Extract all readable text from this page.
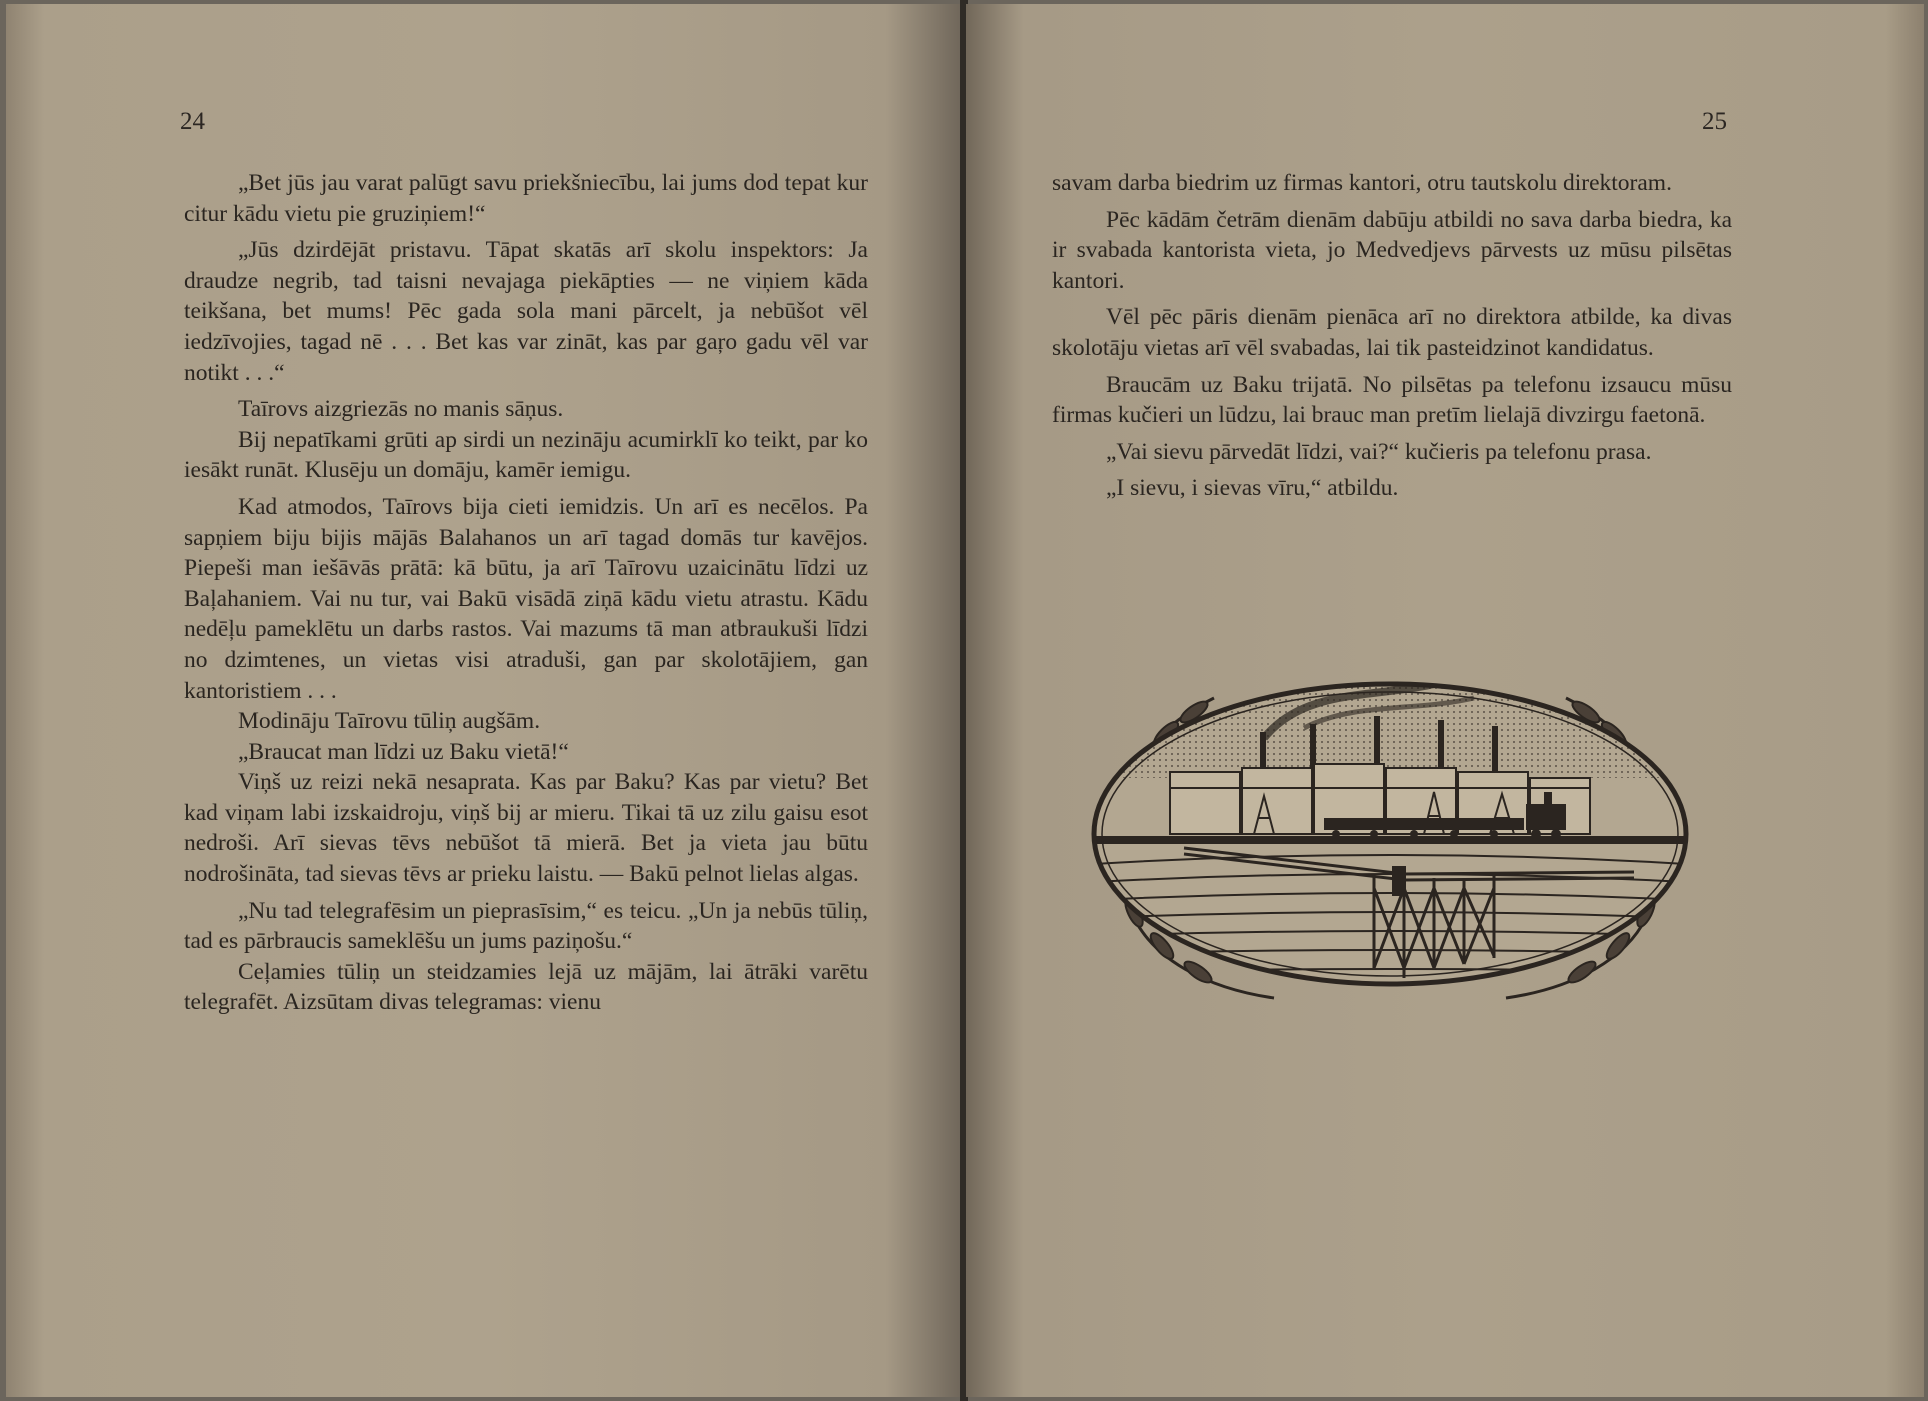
24

„Bet jūs jau varat palūgt savu priekšniecību, lai jums dod tepat kur citur kādu vietu pie gruziņiem!“

„Jūs dzirdējāt pristavu. Tāpat skatās arī skolu inspektors: Ja draudze negrib, tad taisni nevajaga piekāpties — ne viņiem kāda teikšana, bet mums! Pēc gada sola mani pārcelt, ja nebūšot vēl iedzīvojies, tagad nē . . . Bet kas var zināt, kas par gaŗo gadu vēl var notikt . . .“

Taīrovs aizgriezās no manis sāņus.

Bij nepatīkami grūti ap sirdi un nezināju acumirklī ko teikt, par ko iesākt runāt. Klusēju un domāju, kamēr iemigu.

Kad atmodos, Taīrovs bija cieti iemidzis. Un arī es necēlos. Pa sapņiem biju bijis mājās Balahanos un arī tagad domās tur kavējos. Piepeši man iešāvās prātā: kā būtu, ja arī Taīrovu uzaicinātu līdzi uz Baļahaniem. Vai nu tur, vai Bakū visādā ziņā kādu vietu atrastu. Kādu nedēļu pameklētu un darbs rastos. Vai mazums tā man atbraukuši līdzi no dzimtenes, un vietas visi atraduši, gan par skolotājiem, gan kantoristiem . . .

Modināju Taīrovu tūliņ augšām.

„Braucat man līdzi uz Baku vietā!“

Viņš uz reizi nekā nesaprata. Kas par Baku? Kas par vietu? Bet kad viņam labi izskaidroju, viņš bij ar mieru. Tikai tā uz zilu gaisu esot nedroši. Arī sievas tēvs nebūšot tā mierā. Bet ja vieta jau būtu nodrošināta, tad sievas tēvs ar prieku laistu. — Bakū pelnot lielas algas.

„Nu tad telegrafēsim un pieprasīsim,“ es teicu. „Un ja nebūs tūliņ, tad es pārbraucis sameklēšu un jums paziņošu.“

Ceļamies tūliņ un steidzamies lejā uz mājām, lai ātrāki varētu telegrafēt. Aizsūtam divas telegramas: vienu

25

savam darba biedrim uz firmas kantori, otru tautskolu direktoram.

Pēc kādām četrām dienām dabūju atbildi no sava darba biedra, ka ir svabada kantorista vieta, jo Medvedjevs pārvests uz mūsu pilsētas kantori.

Vēl pēc pāris dienām pienāca arī no direktora atbilde, ka divas skolotāju vietas arī vēl svabadas, lai tik pasteidzinot kandidatus.

Braucām uz Baku trijatā. No pilsētas pa telefonu izsaucu mūsu firmas kučieri un lūdzu, lai brauc man pretīm lielajā divzirgu faetonā.

„Vai sievu pārvedāt līdzi, vai?“ kučieris pa telefonu prasa.

„I sievu, i sievas vīru,“ atbildu.
